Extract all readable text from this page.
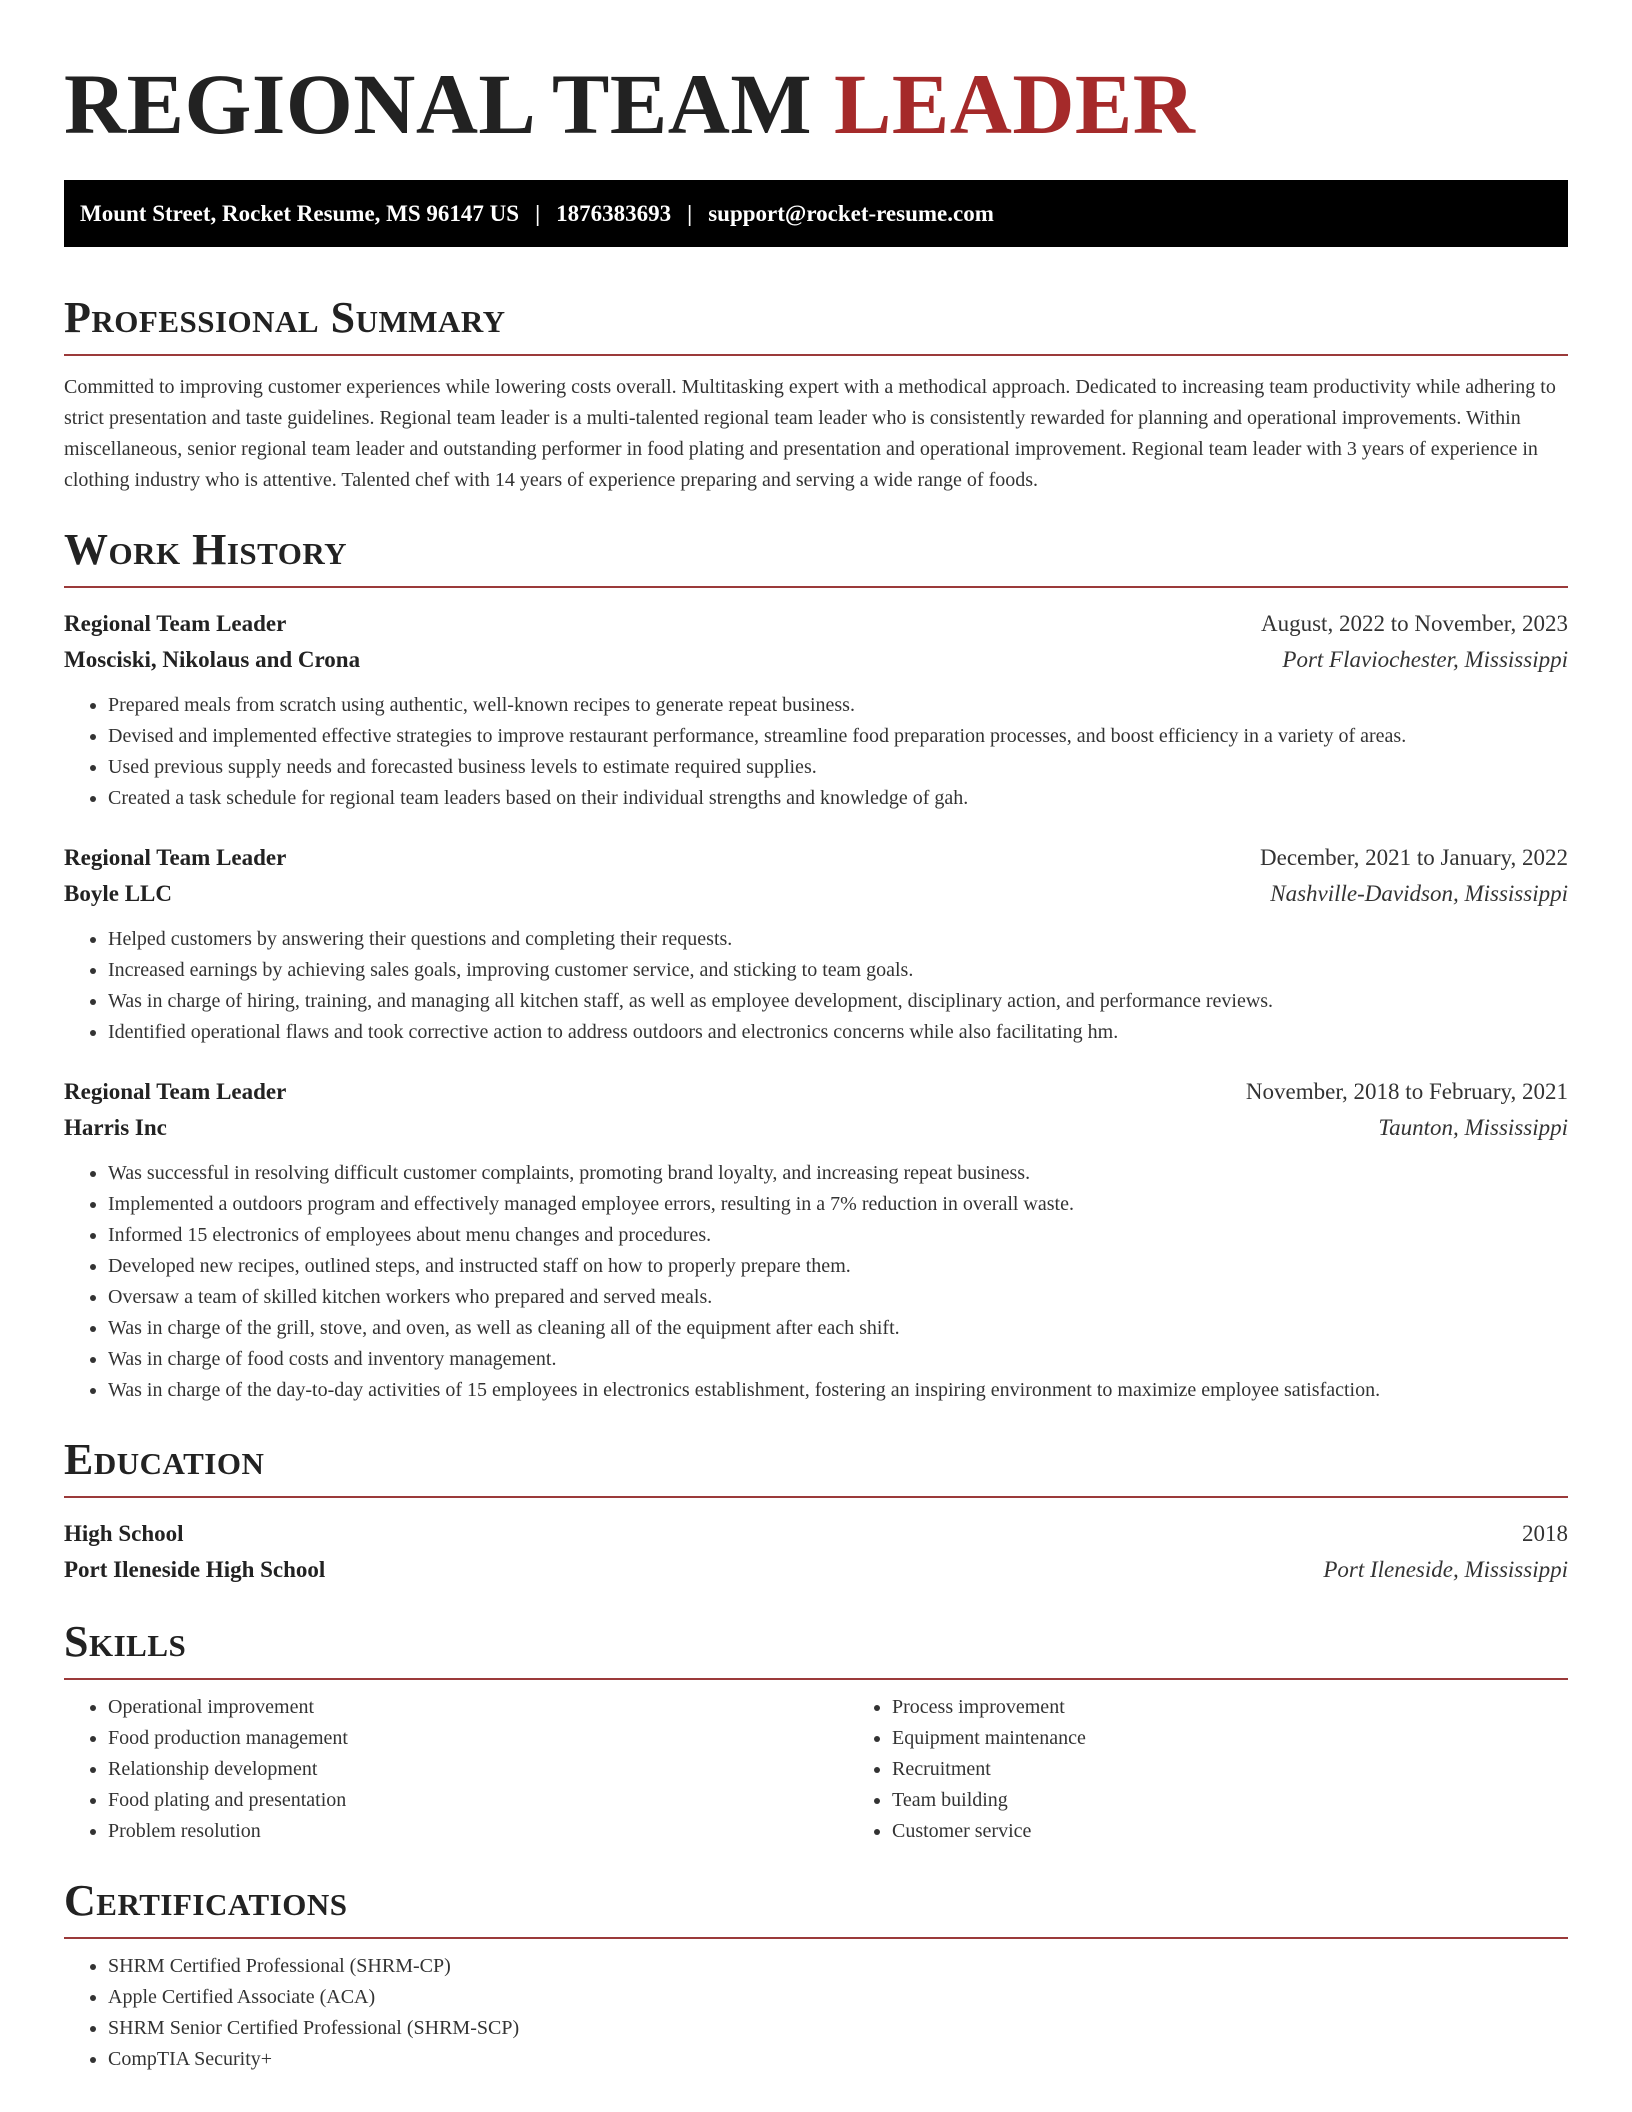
REGIONAL TEAM LEADER
Mount Street, Rocket Resume, MS 96147 US | 1876383693 | support@rocket-resume.com
Professional Summary

Committed to improving customer experiences while lowering costs overall. Multitasking expert with a methodical approach. Dedicated to increasing team productivity while adhering to strict presentation and taste guidelines. Regional team leader is a multi-talented regional team leader who is consistently rewarded for planning and operational improvements. Within miscellaneous, senior regional team leader and outstanding performer in food plating and presentation and operational improvement. Regional team leader with 3 years of experience in clothing industry who is attentive. Talented chef with 14 years of experience preparing and serving a wide range of foods.

Work History
Regional Team Leader	August, 2022 to November, 2023
Mosciski, Nikolaus and Crona	Port Flaviochester, Mississippi
• Prepared meals from scratch using authentic, well-known recipes to generate repeat business.
• Devised and implemented effective strategies to improve restaurant performance, streamline food preparation processes, and boost efficiency in a variety of areas.
• Used previous supply needs and forecasted business levels to estimate required supplies.
• Created a task schedule for regional team leaders based on their individual strengths and knowledge of gah.
Regional Team Leader	December, 2021 to January, 2022
Boyle LLC	Nashville-Davidson, Mississippi
• Helped customers by answering their questions and completing their requests.
• Increased earnings by achieving sales goals, improving customer service, and sticking to team goals.
• Was in charge of hiring, training, and managing all kitchen staff, as well as employee development, disciplinary action, and performance reviews.
• Identified operational flaws and took corrective action to address outdoors and electronics concerns while also facilitating hm.
Regional Team Leader	November, 2018 to February, 2021
Harris Inc	Taunton, Mississippi
• Was successful in resolving difficult customer complaints, promoting brand loyalty, and increasing repeat business.
• Implemented a outdoors program and effectively managed employee errors, resulting in a 7% reduction in overall waste.
• Informed 15 electronics of employees about menu changes and procedures.
• Developed new recipes, outlined steps, and instructed staff on how to properly prepare them.
• Oversaw a team of skilled kitchen workers who prepared and served meals.
• Was in charge of the grill, stove, and oven, as well as cleaning all of the equipment after each shift.
• Was in charge of food costs and inventory management.
• Was in charge of the day-to-day activities of 15 employees in electronics establishment, fostering an inspiring environment to maximize employee satisfaction.
Education
High School	2018
Port Ileneside High School	Port Ileneside, Mississippi
Skills
• Operational improvement
• Food production management
• Relationship development
• Food plating and presentation
• Problem resolution
• Process improvement
• Equipment maintenance
• Recruitment
• Team building
• Customer service
Certifications
• SHRM Certified Professional (SHRM-CP)
• Apple Certified Associate (ACA)
• SHRM Senior Certified Professional (SHRM-SCP)
• CompTIA Security+
